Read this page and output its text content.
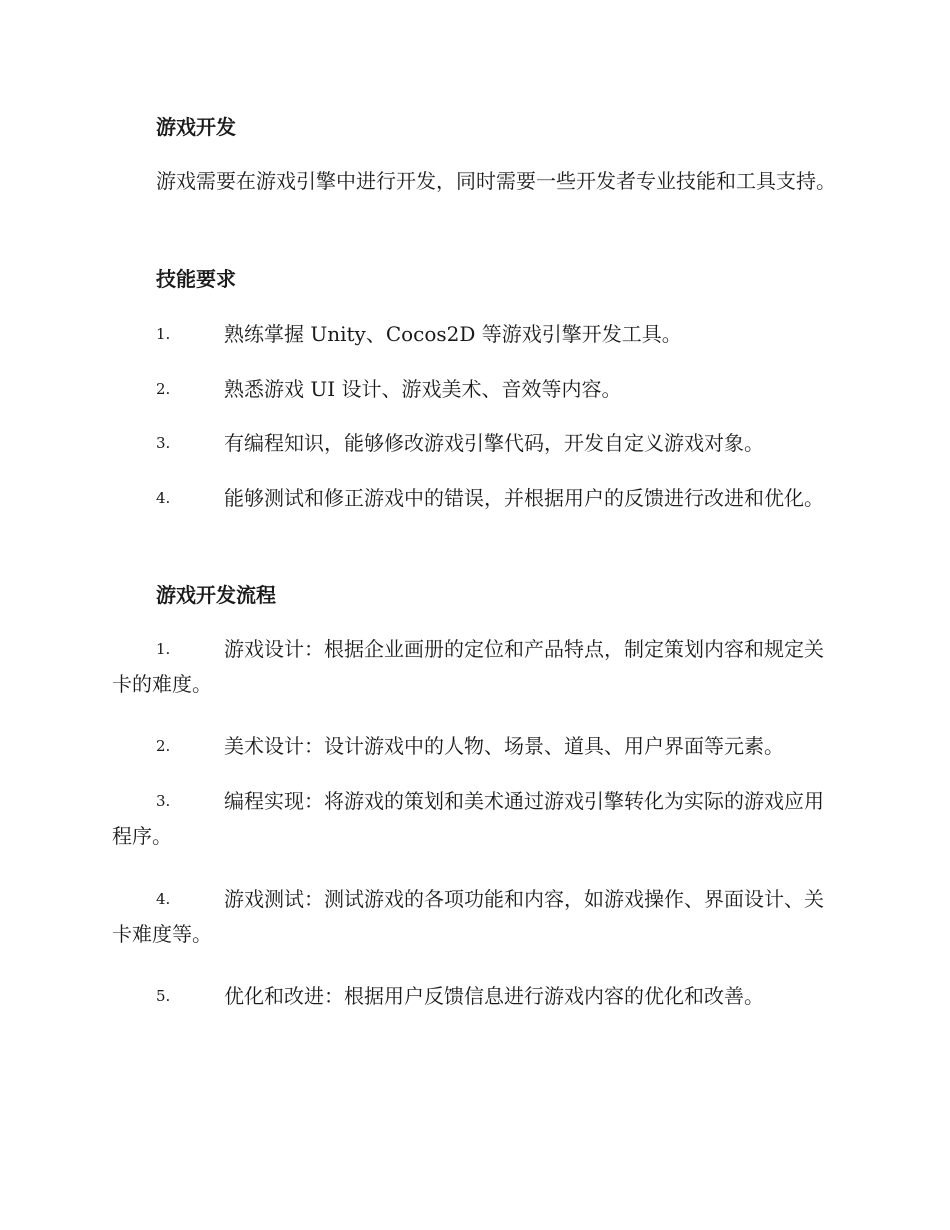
游戏开发
游戏需要在游戏引擎中进行开发，同时需要一些开发者专业技能和工具支持。
技能要求
1.	熟练掌握 Unity、Cocos2D 等游戏引擎开发工具。
2.	熟悉游戏 UI 设计、游戏美术、音效等内容。
3.	有编程知识，能够修改游戏引擎代码，开发自定义游戏对象。
4.	能够测试和修正游戏中的错误，并根据用户的反馈进行改进和优化。
游戏开发流程
1.	游戏设计：根据企业画册的定位和产品特点，制定策划内容和规定关卡的难度。
2.	美术设计：设计游戏中的人物、场景、道具、用户界面等元素。
3.	编程实现：将游戏的策划和美术通过游戏引擎转化为实际的游戏应用程序。
4.	游戏测试：测试游戏的各项功能和内容，如游戏操作、界面设计、关卡难度等。
5.	优化和改进：根据用户反馈信息进行游戏内容的优化和改善。
